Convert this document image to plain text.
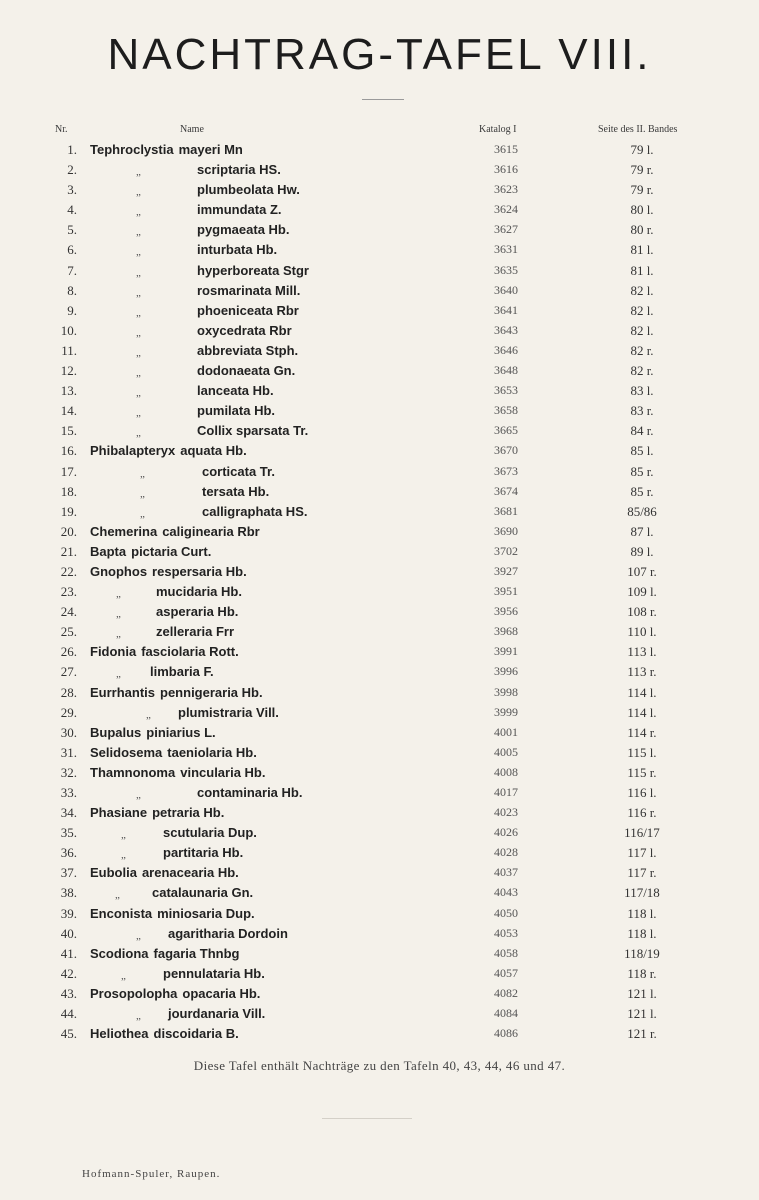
NACHTRAG-TAFEL VIII.
Nr.	Name	Katalog I	Seite des II. Bandes
1. Tephroclystia mayeri Mn	3615	79 l.
2.	„	scriptaria HS.	3616	79 r.
3.	„	plumbeolata Hw.	3623	79 r.
4.	„	immundata Z.	3624	80 l.
5.	„	pygmaeata Hb.	3627	80 r.
6.	„	inturbata Hb.	3631	81 l.
7.	„	hyperboreata Stgr	3635	81 l.
8.	„	rosmarinata Mill.	3640	82 l.
9.	„	phoeniceata Rbr	3641	82 l.
10.	„	oxycedrata Rbr	3643	82 l.
11.	„	abbreviata Stph.	3646	82 r.
12.	„	dodonaeata Gn.	3648	82 r.
13.	„	lanceata Hb.	3653	83 l.
14.	„	pumilata Hb.	3658	83 r.
15.	„	Collix sparsata Tr.	3665	84 r.
16. Phibalapteryx aquata Hb.	3670	85 l.
17.	„	corticata Tr.	3673	85 r.
18.	„	tersata Hb.	3674	85 r.
19.	„	calligraphata HS.	3681	85/86
20. Chemerina caligineariа Rbr	3690	87 l.
21. Bapta pictaria Curt.	3702	89 l.
22. Gnophos respersaria Hb.	3927	107 r.
23.	„	mucidaria Hb.	3951	109 l.
24.	„	asperaria Hb.	3956	108 r.
25.	„	zelleraria Frr	3968	110 l.
26. Fidonia fasciolaria Rott.	3991	113 l.
27.	„ limbaria F.	3996	113 r.
28. Eurrhantis pennigeraria Hb.	3998	114 l.
29.	„ plumistraria Vill.	3999	114 l.
30. Bupalus piniarius L.	4001	114 r.
31. Selidosema taeniolaria Hb.	4005	115 l.
32. Thamnonoma vincularia Hb.	4008	115 r.
33.	„	contaminaria Hb.	4017	116 l.
34. Phasiane petraria Hb.	4023	116 r.
35.	„	scutularia Dup.	4026	116/17
36.	„	partitaria Hb.	4028	117 l.
37. Eubolia arenacearia Hb.	4037	117 r.
38.	„ catalaunaria Gn.	4043	117/18
39. Enconista miniosaria Dup.	4050	118 l.
40.	„ agaritharia Dordoin	4053	118 l.
41. Scodiona fagaria Thnbg	4058	118/19
42.	„	pennulataria Hb.	4057	118 r.
43. Prosopolopha opacaria Hb.	4082	121 l.
44.	„ jourdanaria Vill.	4084	121 l.
45. Heliothea discoidaria B.	4086	121 r.
Diese Tafel enthält Nachträge zu den Tafeln 40, 43, 44, 46 und 47.
Hofmann-Spuler, Raupen.
